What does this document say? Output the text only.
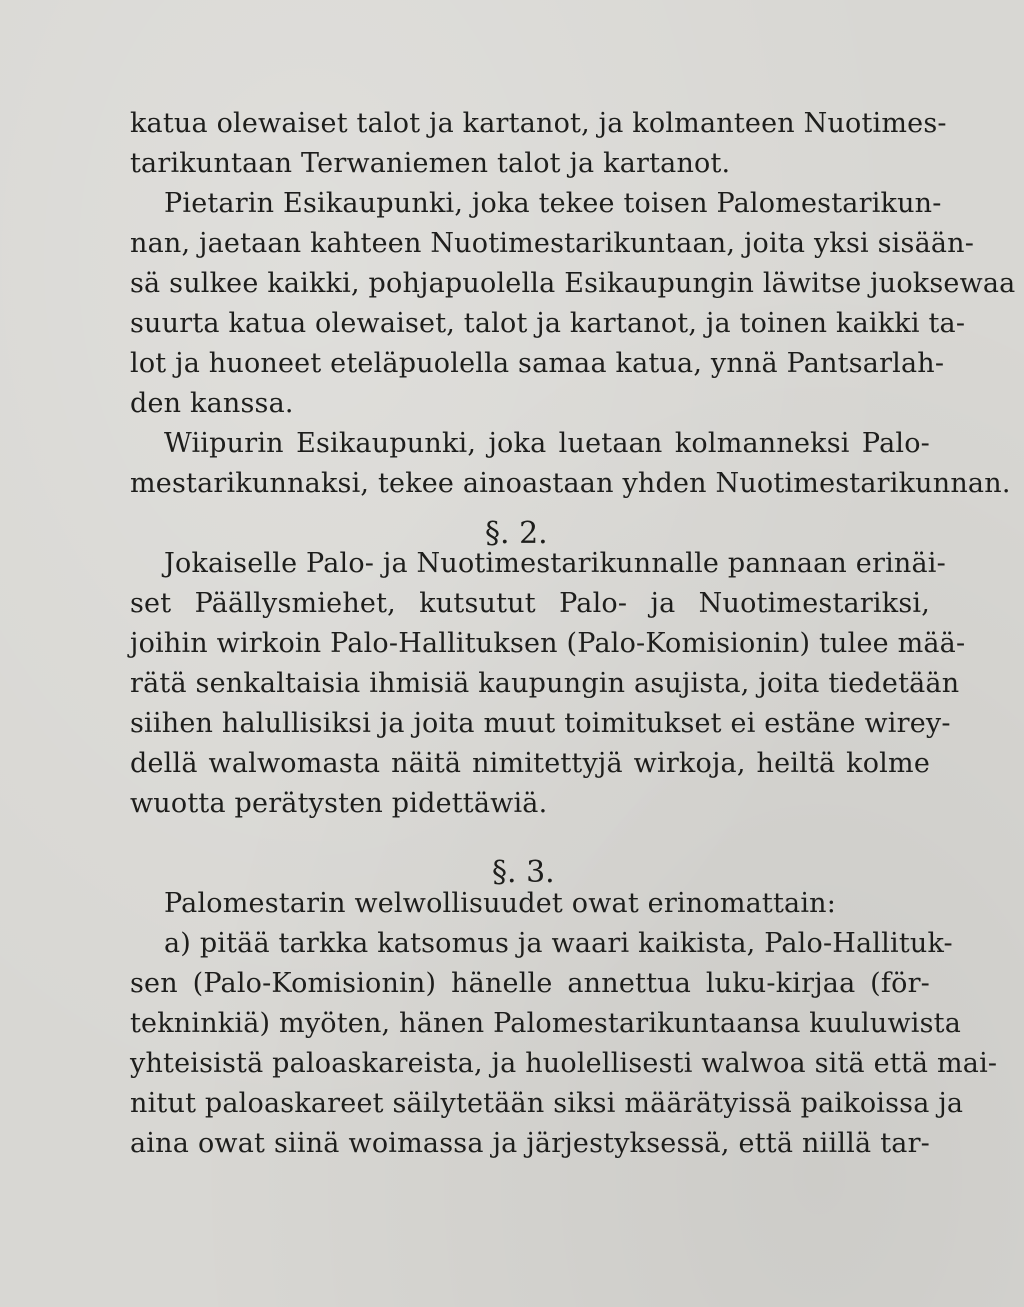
katua olewaiset talot ja kartanot, ja kolmanteen Nuotimes-
tarikuntaan Terwaniemen talot ja kartanot.
Pietarin Esikaupunki, joka tekee toisen Palomestarikun-
nan, jaetaan kahteen Nuotimestarikuntaan, joita yksi sisään-
sä sulkee kaikki, pohjapuolella Esikaupungin läwitse juoksewaa
suurta katua olewaiset, talot ja kartanot, ja toinen kaikki ta-
lot ja huoneet eteläpuolella samaa katua, ynnä Pantsarlah-
den kanssa.
Wiipurin Esikaupunki, joka luetaan kolmanneksi Palo-
mestarikunnaksi, tekee ainoastaan yhden Nuotimestarikunnan.
§. 2.
Jokaiselle Palo- ja Nuotimestarikunnalle pannaan erinäi-
set Päällysmiehet, kutsutut Palo- ja Nuotimestariksi,
joihin wirkoin Palo-Hallituksen (Palo-Komisionin) tulee mää-
rätä senkaltaisia ihmisiä kaupungin asujista, joita tiedetään
siihen halullisiksi ja joita muut toimitukset ei estäne wirey-
dellä walwomasta näitä nimitettyjä wirkoja, heiltä kolme
wuotta perätysten pidettäwiä.
§. 3.
Palomestarin welwollisuudet owat erinomattain:
a) pitää tarkka katsomus ja waari kaikista, Palo-Hallituk-
sen (Palo-Komisionin) hänelle annettua luku-kirjaa (för-
tekninkiä) myöten, hänen Palomestarikuntaansa kuuluwista
yhteisistä paloaskareista, ja huolellisesti walwoa sitä että mai-
nitut paloaskareet säilytetään siksi määrätyissä paikoissa ja
aina owat siinä woimassa ja järjestyksessä, että niillä tar-
